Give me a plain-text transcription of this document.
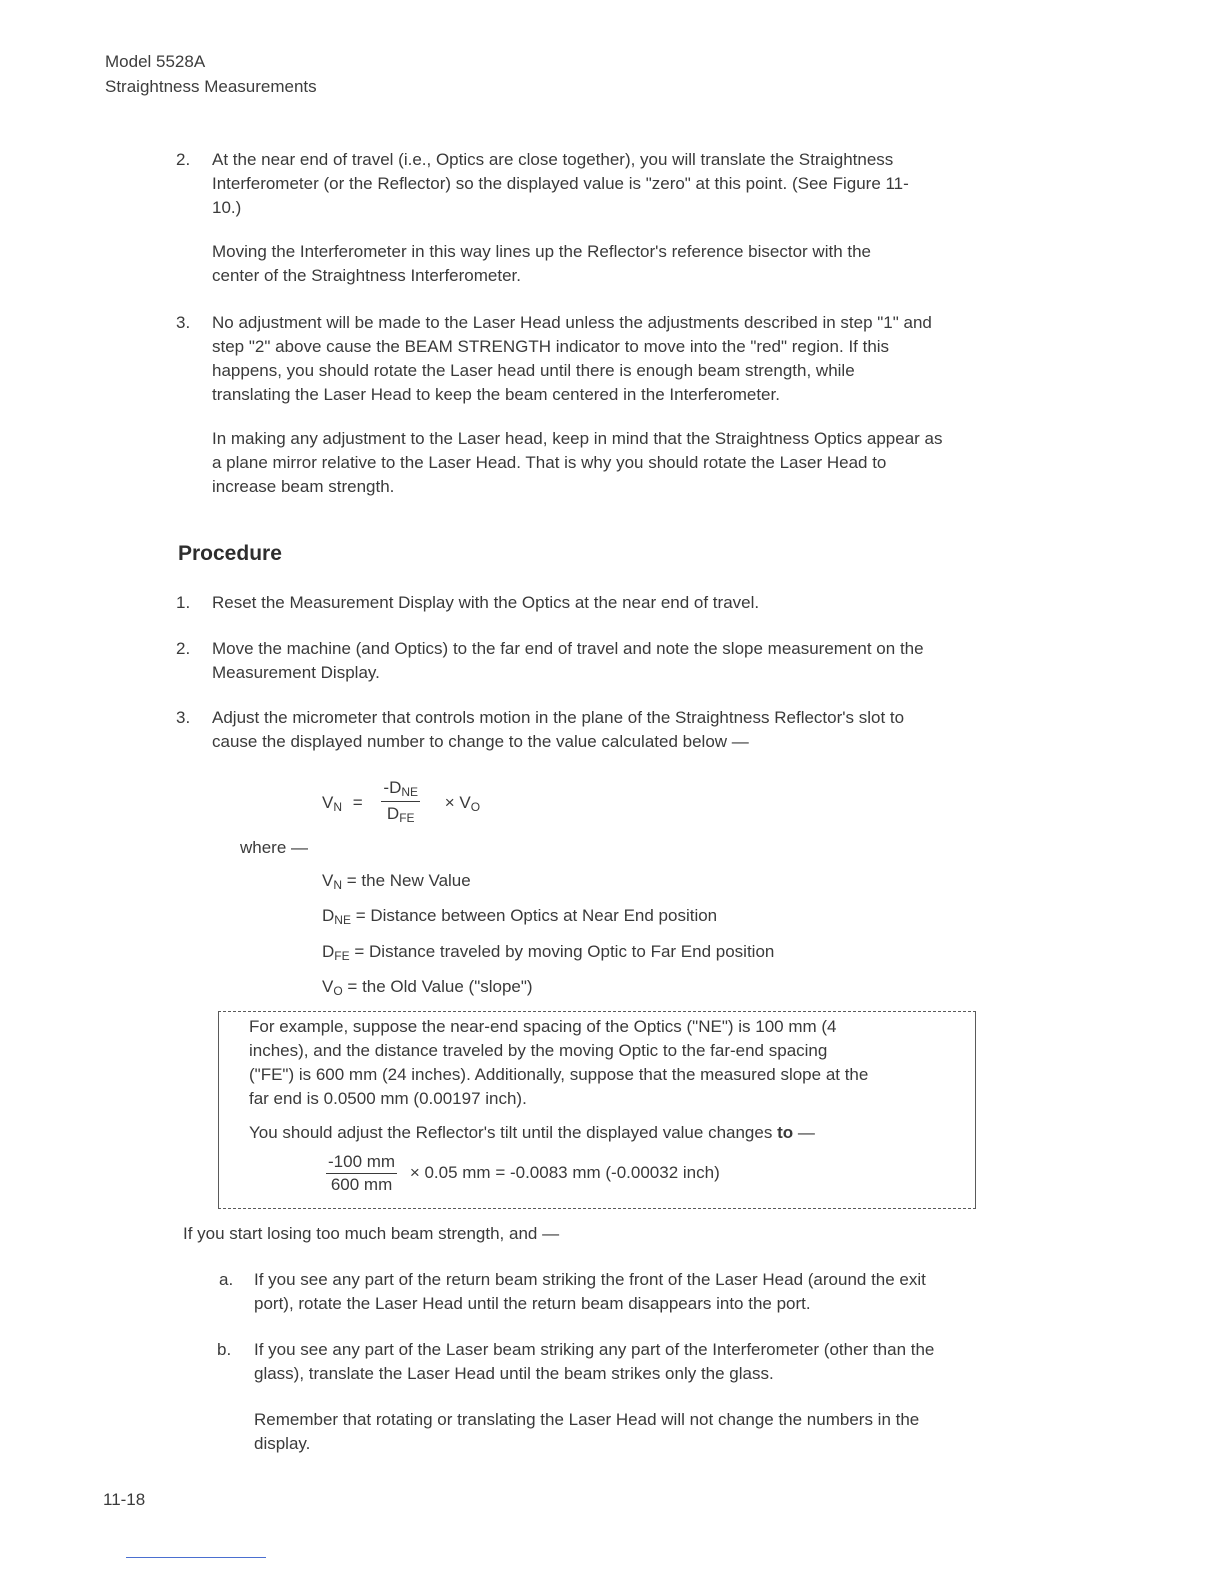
Model 5528A
Straightness Measurements
2.	At the near end of travel (i.e., Optics are close together), you will translate the Straightness
Interferometer (or the Reflector) so the displayed value is "zero" at this point. (See Figure 11-
10.)
Moving the Interferometer in this way lines up the Reflector's reference bisector with the
center of the Straightness Interferometer.
3.	No adjustment will be made to the Laser Head unless the adjustments described in step "1" and
step "2" above cause the BEAM STRENGTH indicator to move into the "red" region. If this
happens, you should rotate the Laser head until there is enough beam strength, while
translating the Laser Head to keep the beam centered in the Interferometer.
In making any adjustment to the Laser head, keep in mind that the Straightness Optics appear as
a plane mirror relative to the Laser Head. That is why you should rotate the Laser Head to
increase beam strength.
Procedure
1.	Reset the Measurement Display with the Optics at the near end of travel.
2.	Move the machine (and Optics) to the far end of travel and note the slope measurement on the
Measurement Display.
3.	Adjust the micrometer that controls motion in the plane of the Straightness Reflector's slot to
cause the displayed number to change to the value calculated below —
VN = $\frac{\text{-DNE}}{\text{DFE}}$ × VO
where —
VN = the New Value
DNE = Distance between Optics at Near End position
DFE = Distance traveled by moving Optic to Far End position
VO = the Old Value ("slope")
For example, suppose the near-end spacing of the Optics ("NE") is 100 mm (4
inches), and the distance traveled by the moving Optic to the far-end spacing
("FE") is 600 mm (24 inches). Additionally, suppose that the measured slope at the
far end is 0.0500 mm (0.00197 inch).
You should adjust the Reflector's tilt until the displayed value changes to —
$\frac{-100 mm}{600 mm} \times 0.05$ mm = -0.0083 mm (-0.00032 inch)
If you start losing too much beam strength, and —
a.	If you see any part of the return beam striking the front of the Laser Head (around the exit
port), rotate the Laser Head until the return beam disappears into the port.
b.	If you see any part of the Laser beam striking any part of the Interferometer (other than the
glass), translate the Laser Head until the beam strikes only the glass.
Remember that rotating or translating the Laser Head will not change the numbers in the
display.
11-18
